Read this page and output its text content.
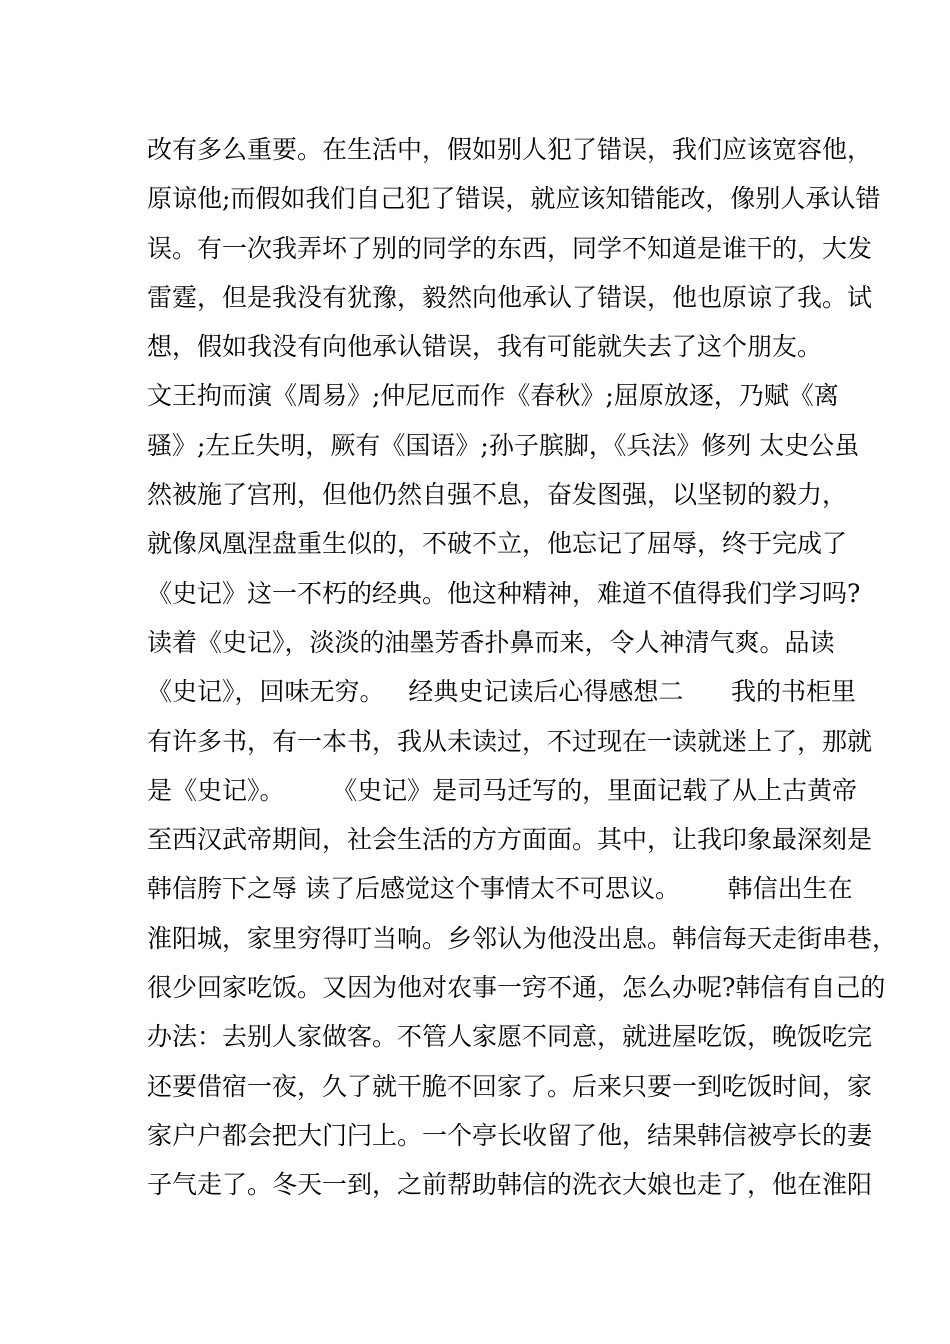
改有多么重要。在生活中，假如别人犯了错误，我们应该宽容他，
原谅他;而假如我们自己犯了错误，就应该知错能改，像别人承认错
误。有一次我弄坏了别的同学的东西，同学不知道是谁干的，大发
雷霆，但是我没有犹豫，毅然向他承认了错误，他也原谅了我。试
想，假如我没有向他承认错误，我有可能就失去了这个朋友。
文王拘而演《周易》;仲尼厄而作《春秋》;屈原放逐，乃赋《离
骚》;左丘失明，厥有《国语》;孙子膑脚，《兵法》修列 太史公虽
然被施了宫刑，但他仍然自强不息，奋发图强，以坚韧的毅力，
就像凤凰涅盘重生似的，不破不立，他忘记了屈辱，终于完成了
《史记》这一不朽的经典。他这种精神，难道不值得我们学习吗?
读着《史记》，淡淡的油墨芳香扑鼻而来，令人神清气爽。品读
《史记》，回味无穷。   经典史记读后心得感想二      我的书柜里
有许多书，有一本书，我从未读过，不过现在一读就迷上了，那就
是《史记》。      《史记》是司马迁写的，里面记载了从上古黄帝
至西汉武帝期间，社会生活的方方面面。其中，让我印象最深刻是
韩信胯下之辱 读了后感觉这个事情太不可思议。      韩信出生在
淮阳城，家里穷得叮当响。乡邻认为他没出息。韩信每天走街串巷，
很少回家吃饭。又因为他对农事一窍不通，怎么办呢?韩信有自己的
办法：去别人家做客。不管人家愿不同意，就进屋吃饭，晚饭吃完
还要借宿一夜，久了就干脆不回家了。后来只要一到吃饭时间，家
家户户都会把大门闩上。一个亭长收留了他，结果韩信被亭长的妻
子气走了。冬天一到，之前帮助韩信的洗衣大娘也走了，他在淮阳
